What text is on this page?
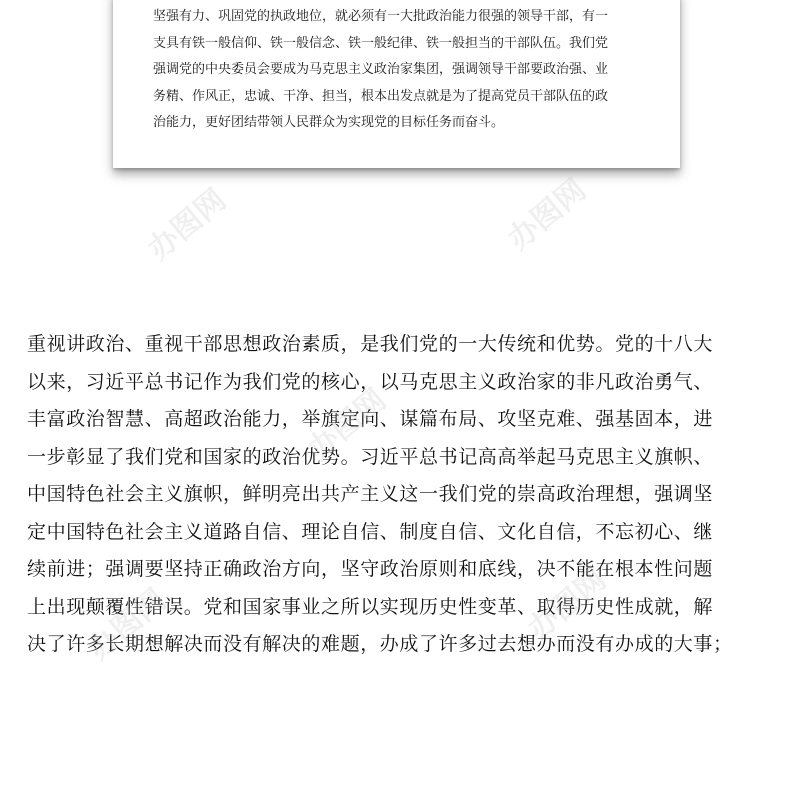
坚强有力、巩固党的执政地位，就必须有一大批政治能力很强的领导干部，有一
支具有铁一般信仰、铁一般信念、铁一般纪律、铁一般担当的干部队伍。我们党
强调党的中央委员会要成为马克思主义政治家集团，强调领导干部要政治强、业
务精、作风正，忠诚、干净、担当，根本出发点就是为了提高党员干部队伍的政
治能力，更好团结带领人民群众为实现党的目标任务而奋斗。
重视讲政治、重视干部思想政治素质，是我们党的一大传统和优势。党的十八大
以来，习近平总书记作为我们党的核心，以马克思主义政治家的非凡政治勇气、
丰富政治智慧、高超政治能力，举旗定向、谋篇布局、攻坚克难、强基固本，进
一步彰显了我们党和国家的政治优势。习近平总书记高高举起马克思主义旗帜、
中国特色社会主义旗帜，鲜明亮出共产主义这一我们党的崇高政治理想，强调坚
定中国特色社会主义道路自信、理论自信、制度自信、文化自信，不忘初心、继
续前进；强调要坚持正确政治方向，坚守政治原则和底线，决不能在根本性问题
上出现颠覆性错误。党和国家事业之所以实现历史性变革、取得历史性成就，解
决了许多长期想解决而没有解决的难题，办成了许多过去想办而没有办成的大事；
办图网	办图网
办图网
办图网	办图网
